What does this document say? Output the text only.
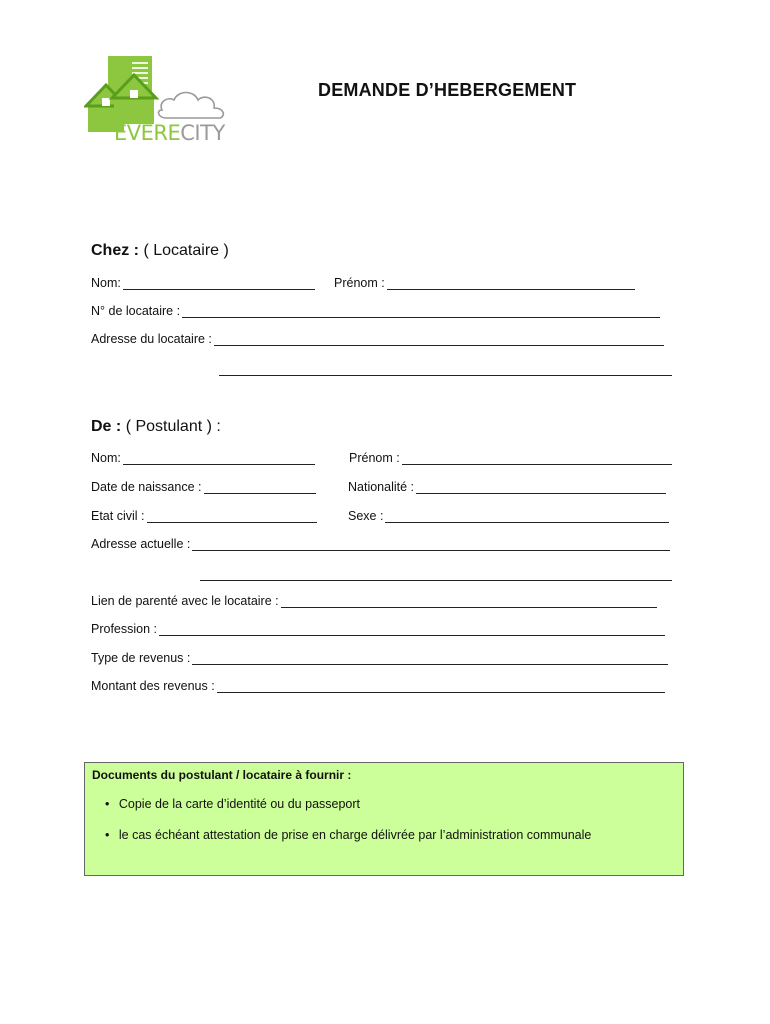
EVERECITY
DEMANDE D’HEBERGEMENT
Chez : ( Locataire )
Nom:	Prénom :
N° de locataire :
Adresse du locataire :
De : ( Postulant ) :
Nom:	Prénom :
Date de naissance :	Nationalité :
Etat civil :	Sexe :
Adresse actuelle :
Lien de parenté avec le locataire :
Profession :
Type de revenus :
Montant des revenus :
Documents du postulant / locataire à fournir :
• Copie de la carte d’identité ou du passeport
• le cas échéant attestation de prise en charge délivrée par l’administration communale
